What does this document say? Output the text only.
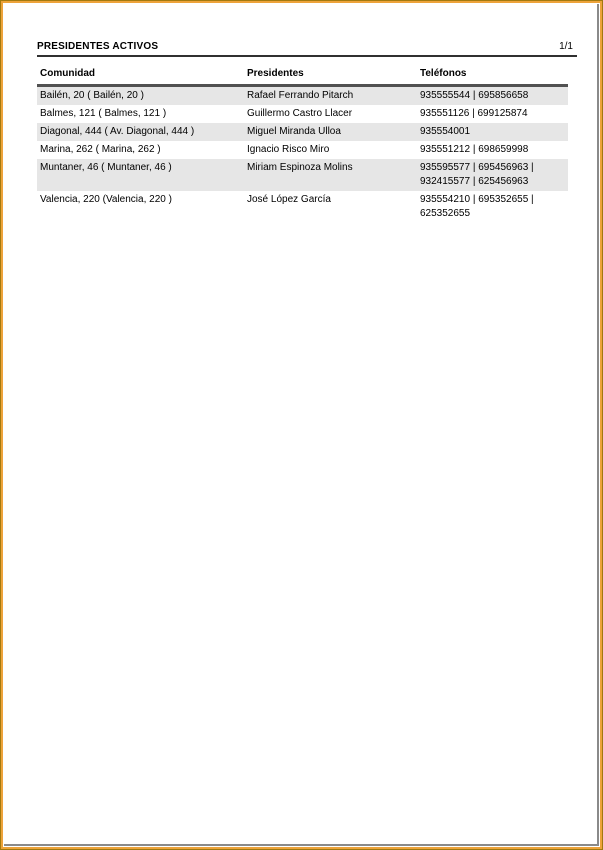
PRESIDENTES ACTIVOS	1/1
Comunidad	Presidentes	Teléfonos
Bailén, 20 ( Bailén, 20 )	Rafael Ferrando Pitarch	935555544 | 695856658
Balmes, 121 ( Balmes, 121 )	Guillermo Castro Llacer	935551126 | 699125874
Diagonal, 444 ( Av. Diagonal, 444 )	Miguel Miranda Ulloa	935554001
Marina, 262 ( Marina, 262 )	Ignacio Risco Miro	935551212 | 698659998
Muntaner, 46 ( Muntaner, 46 )	Miriam Espinoza Molins	935595577 | 695456963 | 932415577 | 625456963
Valencia, 220 (Valencia, 220 )	José López García	935554210 | 695352655 | 625352655
